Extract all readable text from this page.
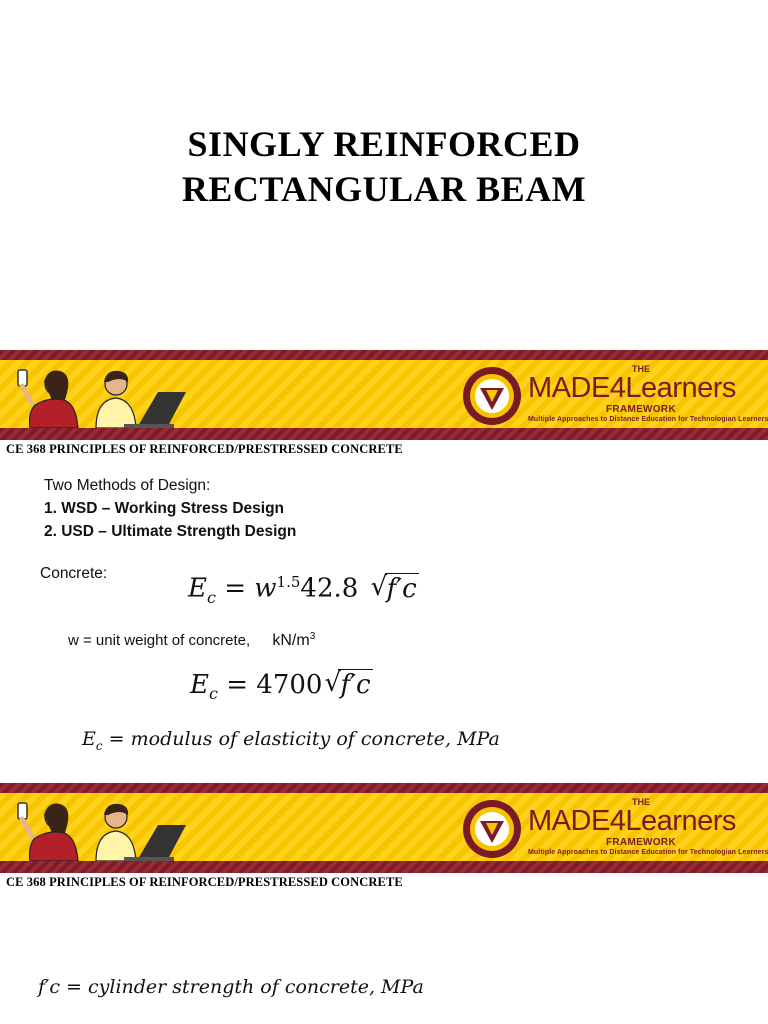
SINGLY REINFORCED
RECTANGULAR BEAM
THE
MADE4Learners
FRAMEWORK
Multiple Approaches to Distance Education for Technologian Learners
CE 368 PRINCIPLES OF REINFORCED/PRESTRESSED CONCRETE
Two Methods of Design:
1. WSD – Working Stress Design
2. USD – Ultimate Strength Design
Concrete:
$E_c = w^{1.5}42.8$ √ f′c
w = unit weight of concrete, $kN/m^3$
$E_c = 4700$ √ f′c
$E_c$ = modulus of elasticity of concrete, MPa
THE
MADE4Learners
FRAMEWORK
Multiple Approaches to Distance Education for Technologian Learners
CE 368 PRINCIPLES OF REINFORCED/PRESTRESSED CONCRETE
f′c = cylinder strength of concrete, MPa
